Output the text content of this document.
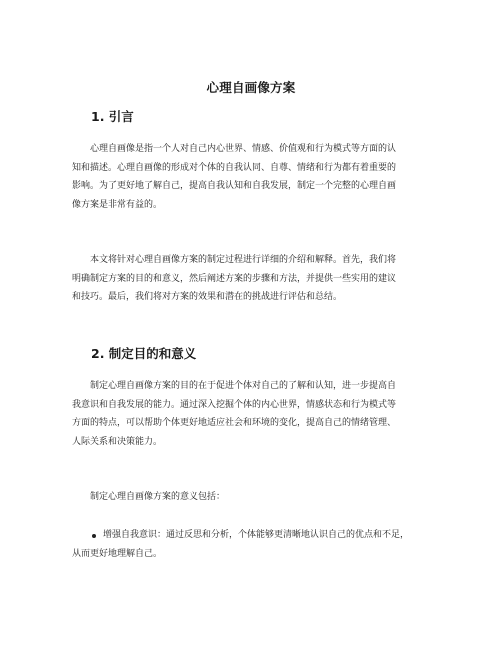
心理自画像方案
1. 引言
心理自画像是指一个人对自己内心世界、情感、价值观和行为模式等方面的认
知和描述。心理自画像的形成对个体的自我认同、自尊、情绪和行为都有着重要的
影响。为了更好地了解自己，提高自我认知和自我发展，制定一个完整的心理自画
像方案是非常有益的。
本文将针对心理自画像方案的制定过程进行详细的介绍和解释。首先，我们将
明确制定方案的目的和意义，然后阐述方案的步骤和方法，并提供一些实用的建议
和技巧。最后，我们将对方案的效果和潜在的挑战进行评估和总结。
2. 制定目的和意义
制定心理自画像方案的目的在于促进个体对自己的了解和认知，进一步提高自
我意识和自我发展的能力。通过深入挖掘个体的内心世界，情感状态和行为模式等
方面的特点，可以帮助个体更好地适应社会和环境的变化，提高自己的情绪管理、
人际关系和决策能力。
制定心理自画像方案的意义包括：
增强自我意识：通过反思和分析，个体能够更清晰地认识自己的优点和不足，
从而更好地理解自己。
